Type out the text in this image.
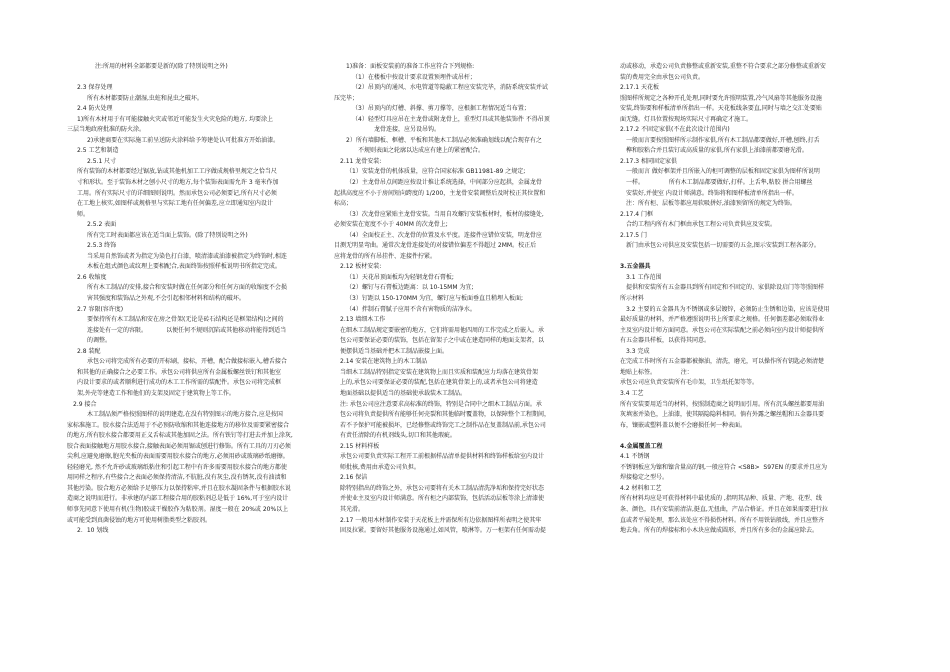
注:所用的材料全部都要是新的(除了特别说明之外)

2.3 保存处理

所有木材都要防止潮湿,虫蛀和昆虫之破坏。

2.4 防火处理

1)所有木材用于有可能接触火灾或邻近可能发生火灾危险的地方, 均要涂上

三层当地政府批准的防火涂。

2)承建商要在实际施工前呈送防火涂料给予筹建处认可批准方开始油漆。

2.5 工艺和制造

2.5.1 尺寸

所有装饰的木材都要经过锯放,钻或其他机加工工序做成规格里规定之恰当尺

寸和形状。至于装饰木材之刨小尺寸的地方,每个装饰表面需允许 3 毫米作加

工用。所有实际尺寸的详细图则说明。然而承包公司必须要记,所有尺寸必须

在工地上核实,如图样或规格里与实际工地有任何偏差,应立即通知室内设计

师。

2.5.2 表面

所有完工时表面都应该在适当面上装饰。(除了特别说明之外)

2.5.3 终饰

当采用自然饰或者为指定为染色打白漆，喷清漆或油漆被指定为终饰时,相连

木板在组式颜色或纹理上要相配合,表面终饰按照样板说明书所指定完成。

2.6 收缩度

所有木工制品的安排,接合和安装时做在任何部分和任何方面的收缩度不会损

害其强度和装饰品之外观,不会引起相邻材料和结构的破坏。

2.7 容限(容许度)

要保持所有木工制品和安在房之骨架(无论是砖石结构还是框架结构)之间的

连接处有一定的容限。          以便任何不规则沉陷或其他移动将能得到适当

的调整。

2.8 装配

承包公司将完成所有必要的开标刷，接标，开槽，配合做接标嵌入,槽舌接合

和其他的正确接合之必要工作。承包公司将供应所有金属板螺丝铁钉和其他室

内设计要求的或者顺利进行成功的木工工作所需的装配件。承包公司将完成框

架,外壳等建造工作和他们的支架及固定于建筑物上等工作。

2.9 接合

木工制品须严格按照图样的说明建造,在没有特别图示的地方接合,应是按国

家标准施工。胶水接合法适用于不必预防收缩和其他连接地方的移位及需要紧密接合

的地方,所有胶水接合都要用正义舌标或其他加固之法。所有铁钉等打进去并加上涂灰,

胶合表面接触地方用胶水接合,接触表面必须用锯或刨进行修饰。所有工具的刀刃必须

尖利,应避免磨擦,胞光夹板的表面需要用胶水接合的地方,必须用砂或玻璃砂纸磨擦。

轻轻磨光, 然不允许砂或玻璃纸粘住和引起工程中有许多需要用胶水接合的地方都使

用同样之程序,有些接合之表面必须保持清洁,不肮脏,没有灰尘,没有锈灰,没有油渍和

其他污染。胶合地方必须给予足够压力以保持粘牢,并且在胶水凝固条件与根据胶水说

造商之说明而进行。非承建的内部工程接合用的胶粘剂总是低于 16%,可于室内设计

师事先同意下使用有机(生物)胶或干燥胶作为粘胶剂。湿度一般在 20%或 20%以上

或可能受到真菌侵蚀的地方可使用树脂类型之粘胶剂。

2．10 划线

1)准备：面板安装前的准备工作应符合下列规格:

（1）在楼板中按设计要求设置预埋件或吊杆；

（2）吊顶内的通风、水电管道等隐蔽工程应安装完毕，消防系统安装并试

压完毕；

（3）吊顶内的灯槽、斜撑、剪刀撑等，应根据工程情况适当布置；

（4）轻型灯具应吊在主龙骨或附龙骨上，重型灯具或其他装饰件 不得吊顶

龙骨连接，应另设吊钩。

2）所有墙脚板、框槽、平板和其他木工制品必须准确划线以配合现存有之

不规则表面之轮廓以达成应有建上的紧密配合。

2.11 龙骨安装:

（1）安装龙骨的机体质量，应符合国家标准 GB11981-89 之规定;

（2）主龙骨吊点间距应按设计推让系统选择，中间部分应起拱，金属龙骨

起拱高度应不小于房间短向跨度的 1/200，主龙骨安装调整后及时校正其位置和

标高；

（3）次龙骨应紧贴主龙骨安装。当用自攻螺钉安装板材时，板材的接缝处,

必须安装在宽度不小于 40MM 的次龙骨上;

（4）全面校正主、次龙骨的位置及水平度。连接件应错位安装，明龙骨应

目测无明显弯曲。通常次龙骨连接处的对接错位偏差不得超过 2MM。校正后

应将龙骨的所有吊挂件、连接件拧紧。

2.12 板材安装:

（1）天花吊顶面板均为轻钢龙骨石膏板;

（2）螺钉与石膏板边距离：以 10-15MM 为宜;

（3）钉距以 150-170MM 为宜，螺钉应与板面垂直且稍埋入板面;

（4）拌制石膏腻子应用不含有害物质的洁净水。

2.13 墙细木工作

在细木工制品规定要嵌密的地方，它们将需用他四周的工作完成之后嵌入。承

包公司要保证必要的装饰，包括在留架子之中或在建造同样的地面支架者，以

便摆供适当基础并把木工制品嵌接上面。

2.14 安装在建筑物上的木工制品

当细木工制品特别指定安装在建筑物上而且实质和装配应力均落在建筑骨架

上的,承包公司要保证必要的装配,包括在建筑骨架上的,或者承包公司将建造

地面基础以提供适当的基础使承载装木工制品。

注: 承包公司应注意要求高标准的终饰，特别是合同中之细木工制品方面。承

包公司将负责提供所有能够任何壳裂和其他临时覆盖物，以保障整个工程期间，

若不予保护可能被损坏，已经修整或终饰完工之制作品在复盖制品前,承包公司

有责任清除的有机剂线头,切口和其他瑕疵。

2.15 材料样板

承包公司要负责实际工程开工前根据样品清单提供材料和终饰样板给室内设计

师批核,费用由承造公司负担。

2.16 保洁

除特别指出的终饰之外，承包公司要将有关木工制品清洗净垢和保持完好状态

并使业主及室内设计师满意。所有柜之内部装饰，包括活动层板等涂上清漆使

其光滑。

2.17 一般用木材制作安装于天花板上并需保所有边依据图样所表明之使其牢

固及拉紧。要留好其他服务设施通过,如风管，喷淋等。万一柜架有任何需动提

动或移动，承造公司负责修整或重新安装,重整不符合要求之部分修整或重新安

装的费用完全由承包公司负责。

2.17.1 天花板

照图样所规定之各种开孔处理,同时要允许照明装置,冷气风扇等其他服务设施

安装,终饰要和样板清单所指出一样。天花板线条要直,同时与墙之交汇处要贴

面无缝。灯具位置按现场实际尺寸再确定才施工。

2.17.2 不固定家俱(不在此次设计范围内)

一般而言要按照图样所示制作家俱,所有木工制品都要做好,开槽,刨终,打舌

榫和胶粘合并且装钉或高质量的家俱,所有家俱上油漆前都要磨光滑。

2.17.3 相同固定家俱

一般而言 做好框架并且所嵌入的柜可调整的层板和固定家俱为图样所说明

一样。             所有木工制品都要做好,打样。上舌隼,粘胶 拼合用螺丝

安装好,并使室 内设计师满意。终饰将和图样板清单所指出一样。

注：所有柜、层板等都应用软吸拼好,油漆预留所的规定为终饰。

2.17.4 门框

合约工程内所有木门框由承包工程公司负责供应及安装。

2.17.5 门

新门由承包公司供应及安装包括一切需要的五金,图示安装到工程各部分。

3.五金器具

3.1 工作范围

提供和安装所有五金器具到所有固定和不固定的、家俱除设启门等等照图样

所示材料

3.2 主要的五金器具为不锈钢或多层镀锌，必须防止生锈和边染，应该是使用

最好质量的材料，并严格遵照说明书上所要求之规格。任何偶差都必须取得业

主及室内设计师方面同意。承包公司在实际装配之前必须向室内设计师提供所

有五金器具样板，以获得其同意。

3.3 完成

在完成工作时所有五金器都被擦油，清洗，磨光，可以操作所有钥匙必须清楚

地贴上标签。             注：

承包公司应负责安装所有毛巾架，卫生纸托架等等。

3.4 工艺

所有安装要用适当的材料，按照制造商之说明而引用。所有沉头螺丝都要用油

灰填塞并染色，上油漆，使其隔隐隐料相同。倘有外露之螺丝帽和五金器具要

布，镶嵌或塑料盖以便不会磨损任何一种表面。

4.金属覆盖工程

4.1 不锈钢

不锈钢板应为镍和镍含量高的钢,一般应符合 <S8B>  S97EN 的要求并且应为

焊接稳定之型号。

4.2 材料和工艺

所有材料均应是可获得材料中最优质的 ,指明其品种、质量、产地、花型、线

条、颜色，具有安装前清洁,挺直,无扭曲，产品合格证。并且在如果需要进行拉

直或者平展处理，那么该处应不得损伤材料。所有不用铁钻般线，并且应整齐

地去角。所有的焊接标和小木块应做成圆形，并且所有多余的金属应除去。
